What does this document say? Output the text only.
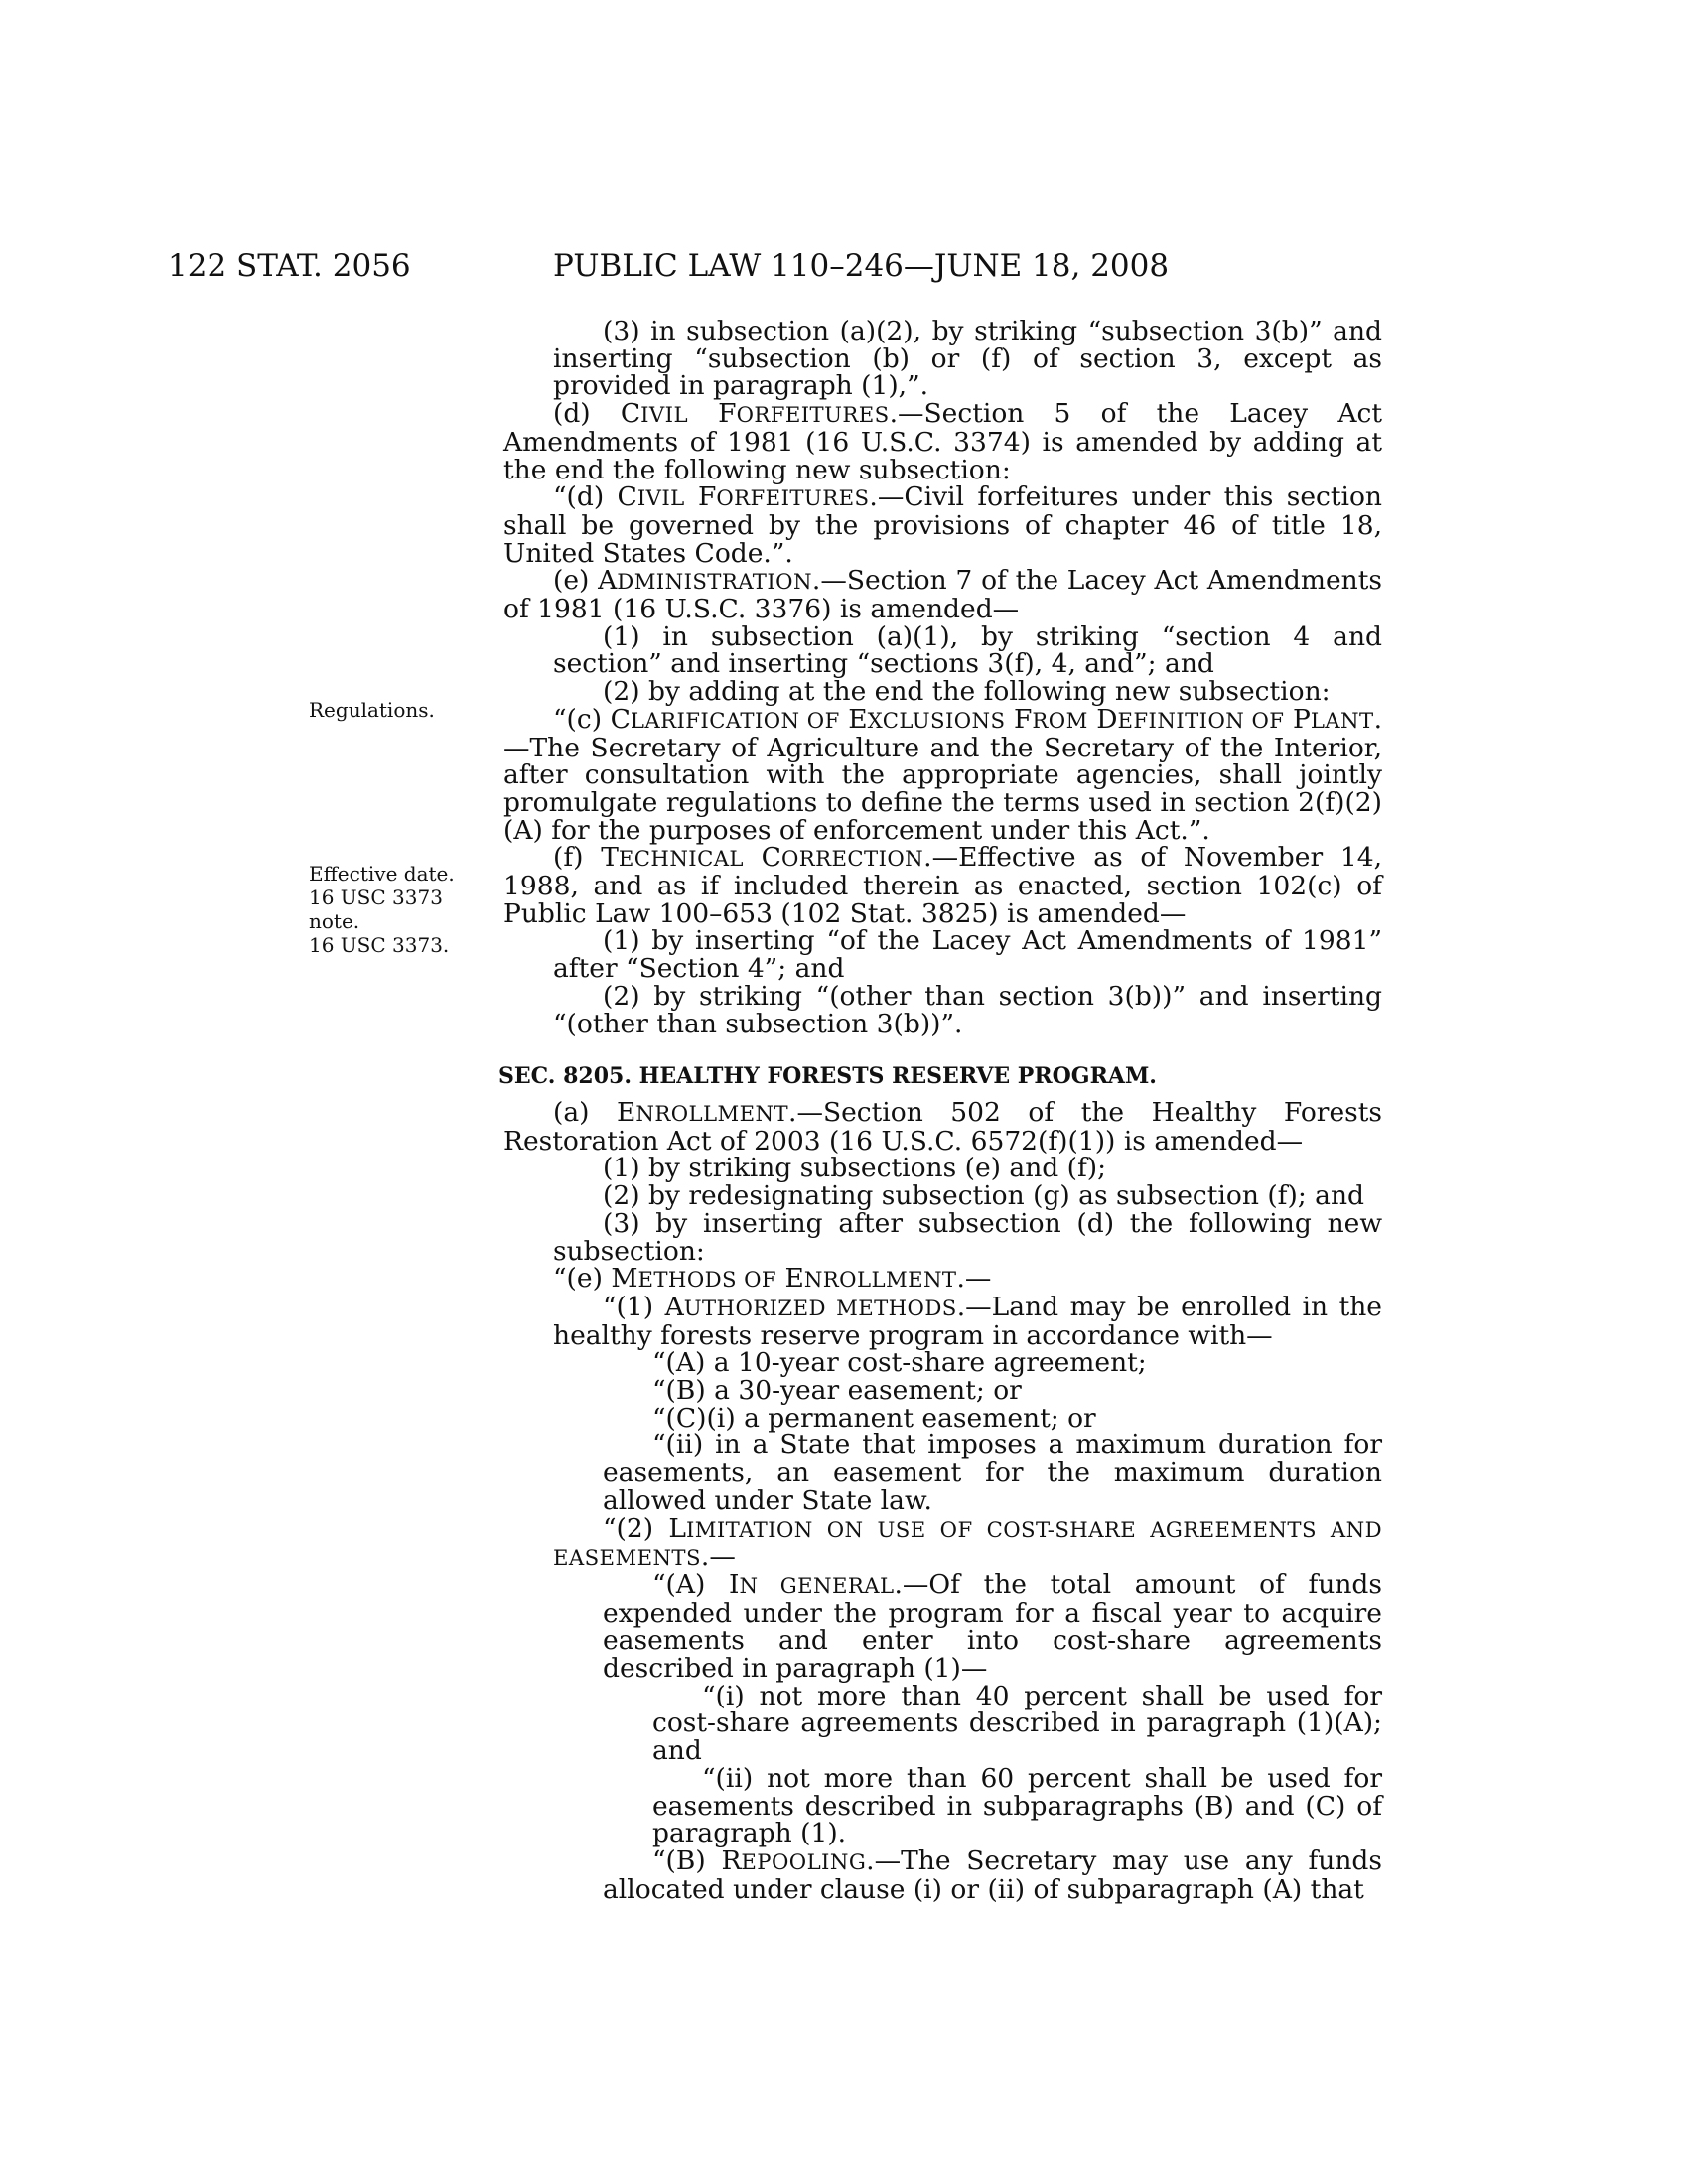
122 STAT. 2056	PUBLIC LAW 110–246—JUNE 18, 2008
Regulations.
Effective date.
16 USC 3373
note.
16 USC 3373.

(3) in subsection (a)(2), by striking “subsection 3(b)” and inserting “subsection (b) or (f) of section 3, except as provided in paragraph (1),”.

(d) CIVIL FORFEITURES.—Section 5 of the Lacey Act Amendments of 1981 (16 U.S.C. 3374) is amended by adding at the end the following new subsection:

“(d) CIVIL FORFEITURES.—Civil forfeitures under this section shall be governed by the provisions of chapter 46 of title 18, United States Code.”.

(e) ADMINISTRATION.—Section 7 of the Lacey Act Amendments of 1981 (16 U.S.C. 3376) is amended—

(1) in subsection (a)(1), by striking “section 4 and section” and inserting “sections 3(f), 4, and”; and

(2) by adding at the end the following new subsection:

“(c) CLARIFICATION OF EXCLUSIONS FROM DEFINITION OF PLANT.—The Secretary of Agriculture and the Secretary of the Interior, after consultation with the appropriate agencies, shall jointly promulgate regulations to define the terms used in section 2(f)(2)(A) for the purposes of enforcement under this Act.”.

(f) TECHNICAL CORRECTION.—Effective as of November 14, 1988, and as if included therein as enacted, section 102(c) of Public Law 100–653 (102 Stat. 3825) is amended—

(1) by inserting “of the Lacey Act Amendments of 1981” after “Section 4”; and

(2) by striking “(other than section 3(b))” and inserting “(other than subsection 3(b))”.

SEC. 8205. HEALTHY FORESTS RESERVE PROGRAM.

(a) ENROLLMENT.—Section 502 of the Healthy Forests Restoration Act of 2003 (16 U.S.C. 6572(f)(1)) is amended—

(1) by striking subsections (e) and (f);

(2) by redesignating subsection (g) as subsection (f); and

(3) by inserting after subsection (d) the following new subsection:

“(e) METHODS OF ENROLLMENT.—

“(1) AUTHORIZED METHODS.—Land may be enrolled in the healthy forests reserve program in accordance with—

“(A) a 10-year cost-share agreement;

“(B) a 30-year easement; or

“(C)(i) a permanent easement; or

“(ii) in a State that imposes a maximum duration for easements, an easement for the maximum duration allowed under State law.

“(2) LIMITATION ON USE OF COST-SHARE AGREEMENTS AND EASEMENTS.—

“(A) IN GENERAL.—Of the total amount of funds expended under the program for a fiscal year to acquire easements and enter into cost-share agreements described in paragraph (1)—

“(i) not more than 40 percent shall be used for cost-share agreements described in paragraph (1)(A); and

“(ii) not more than 60 percent shall be used for easements described in subparagraphs (B) and (C) of paragraph (1).

“(B) REPOOLING.—The Secretary may use any funds allocated under clause (i) or (ii) of subparagraph (A) that
